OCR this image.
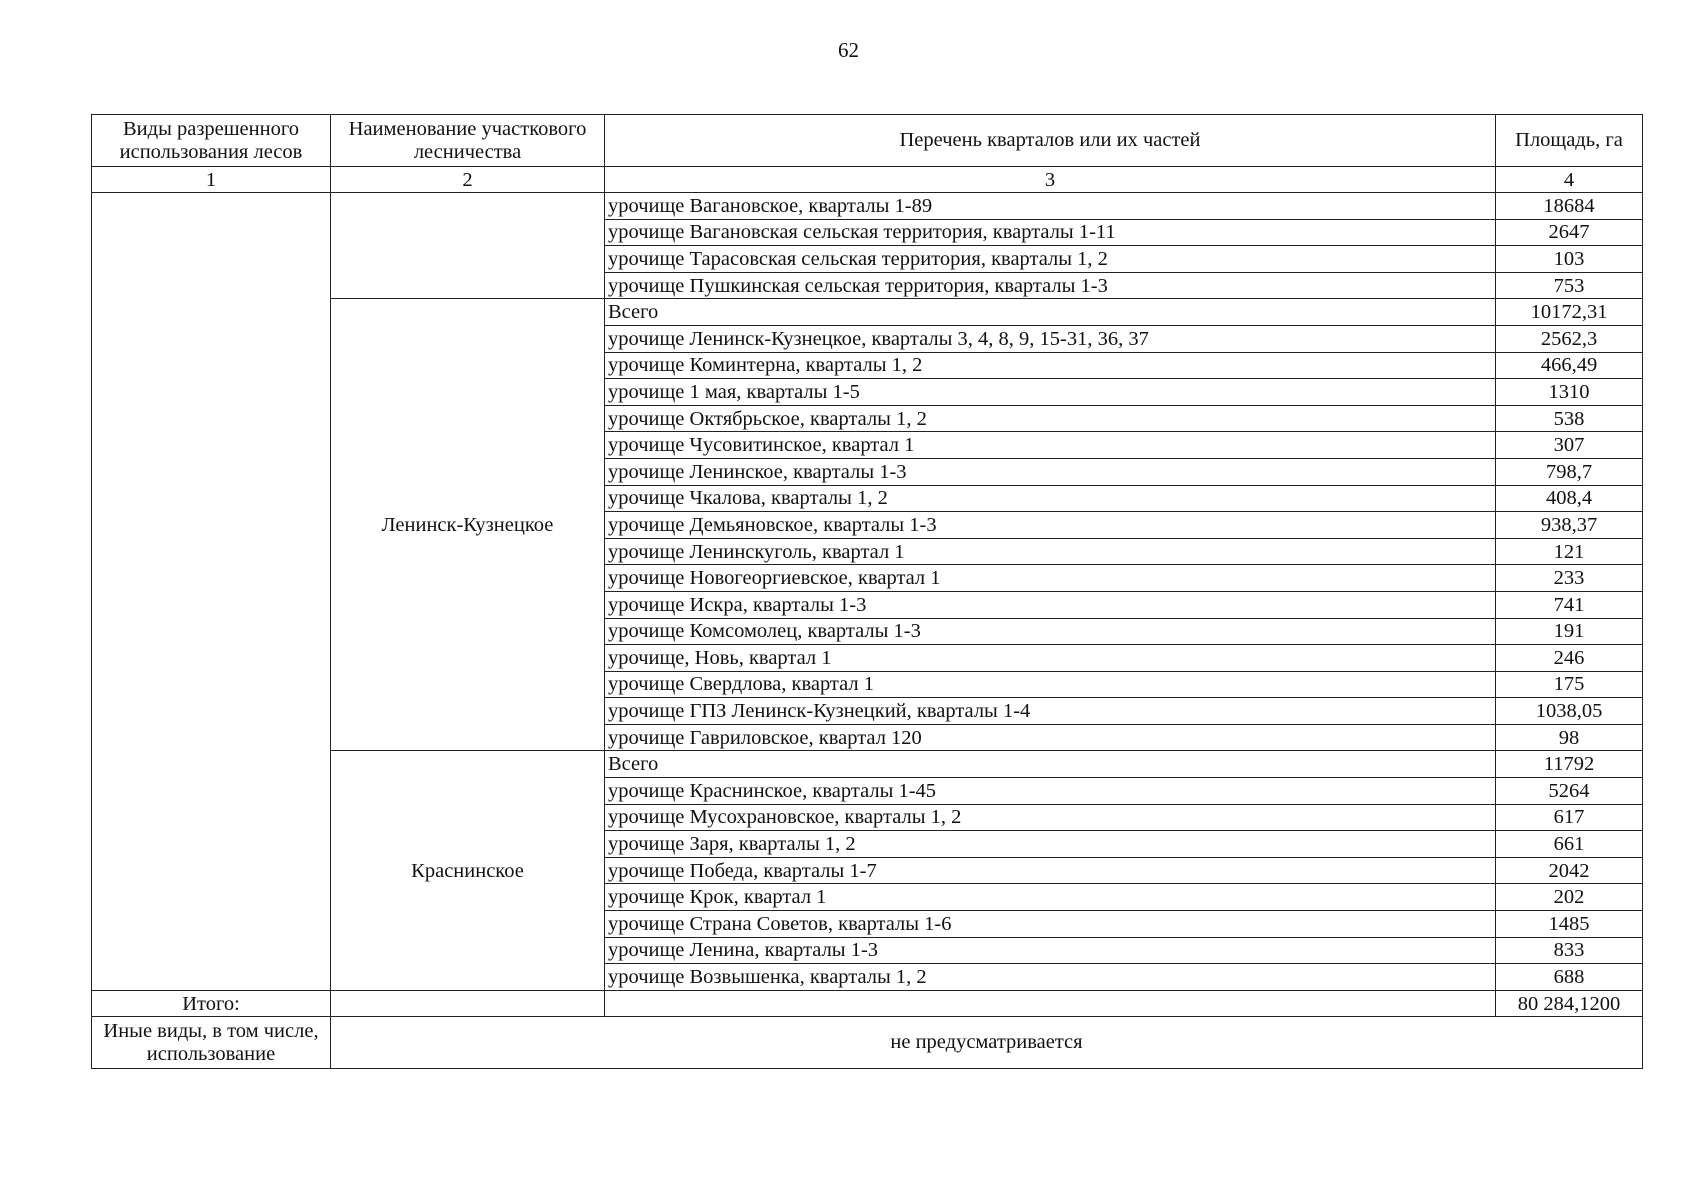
62
Виды разрешенного использования лесов	Наименование участкового лесничества	Перечень кварталов или их частей	Площадь, га
1	2	3	4
		урочище Вагановское, кварталы 1-89	18684
		урочище Вагановская сельская территория, кварталы 1-11	2647
		урочище Тарасовская сельская территория, кварталы 1, 2	103
		урочище Пушкинская сельская территория, кварталы 1-3	753
	Ленинск-Кузнецкое	Всего	10172,31
		урочище Ленинск-Кузнецкое, кварталы 3, 4, 8, 9, 15-31, 36, 37	2562,3
		урочище Коминтерна, кварталы 1, 2	466,49
		урочище 1 мая, кварталы 1-5	1310
		урочище Октябрьское, кварталы 1, 2	538
		урочище Чусовитинское, квартал 1	307
		урочище Ленинское, кварталы 1-3	798,7
		урочище Чкалова, кварталы 1, 2	408,4
		урочище Демьяновское, кварталы 1-3	938,37
		урочище Ленинскуголь, квартал 1	121
		урочище Новогеоргиевское, квартал 1	233
		урочище Искра, кварталы 1-3	741
		урочище Комсомолец, кварталы 1-3	191
		урочище, Новь, квартал 1	246
		урочище Свердлова, квартал 1	175
		урочище ГПЗ Ленинск-Кузнецкий, кварталы 1-4	1038,05
		урочище Гавриловское, квартал 120	98
	Краснинское	Всего	11792
		урочище Краснинское, кварталы 1-45	5264
		урочище Мусохрановское, кварталы 1, 2	617
		урочище Заря, кварталы 1, 2	661
		урочище Победа, кварталы 1-7	2042
		урочище Крок, квартал 1	202
		урочище Страна Советов, кварталы 1-6	1485
		урочище Ленина, кварталы 1-3	833
		урочище Возвышенка, кварталы 1, 2	688
Итого:			80 284,1200
Иные виды, в том числе, использование	не предусматривается		
